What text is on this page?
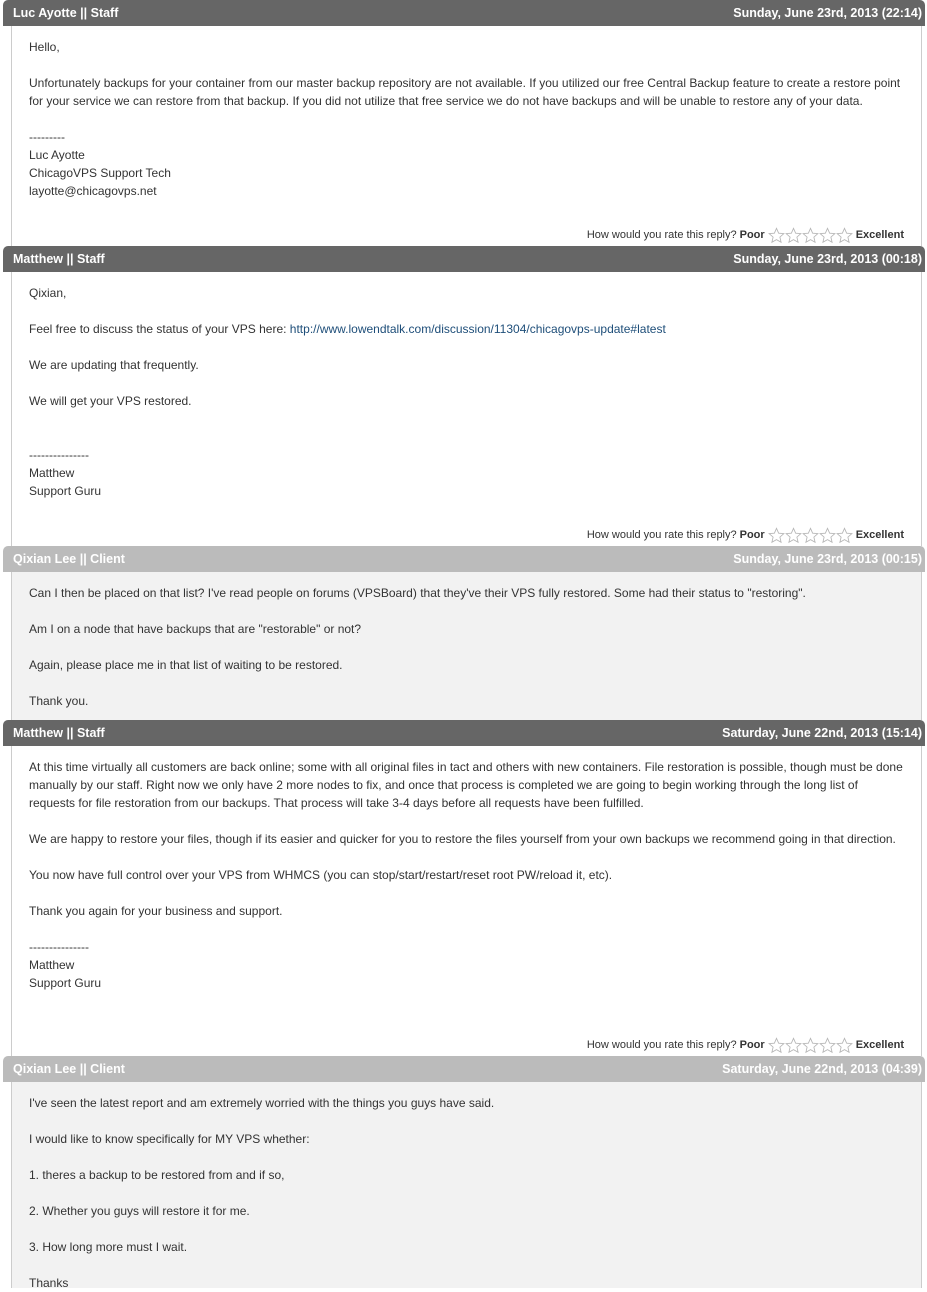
Luc Ayotte || Staff	Sunday, June 23rd, 2013 (22:14)
Hello,
Unfortunately backups for your container from our master backup repository are not available. If you utilized our free Central Backup feature to create a restore point for your service we can restore from that backup. If you did not utilize that free service we do not have backups and will be unable to restore any of your data.
---------
Luc Ayotte
ChicagoVPS Support Tech
layotte@chicagovps.net
How would you rate this reply? Poor	Excellent
Matthew || Staff	Sunday, June 23rd, 2013 (00:18)
Qixian,
Feel free to discuss the status of your VPS here: http://www.lowendtalk.com/discussion/11304/chicagovps-update#latest
We are updating that frequently.
We will get your VPS restored.
---------------
Matthew
Support Guru
How would you rate this reply? Poor	Excellent
Qixian Lee || Client	Sunday, June 23rd, 2013 (00:15)
Can I then be placed on that list? I've read people on forums (VPSBoard) that they've their VPS fully restored. Some had their status to "restoring".
Am I on a node that have backups that are "restorable" or not?
Again, please place me in that list of waiting to be restored.
Thank you.
Matthew || Staff	Saturday, June 22nd, 2013 (15:14)
At this time virtually all customers are back online; some with all original files in tact and others with new containers. File restoration is possible, though must be done manually by our staff. Right now we only have 2 more nodes to fix, and once that process is completed we are going to begin working through the long list of requests for file restoration from our backups. That process will take 3-4 days before all requests have been fulfilled.
We are happy to restore your files, though if its easier and quicker for you to restore the files yourself from your own backups we recommend going in that direction.
You now have full control over your VPS from WHMCS (you can stop/start/restart/reset root PW/reload it, etc).
Thank you again for your business and support.
---------------
Matthew
Support Guru
How would you rate this reply? Poor	Excellent
Qixian Lee || Client	Saturday, June 22nd, 2013 (04:39)
I've seen the latest report and am extremely worried with the things you guys have said.
I would like to know specifically for MY VPS whether:
1. theres a backup to be restored from and if so,
2. Whether you guys will restore it for me.
3. How long more must I wait.
Thanks
